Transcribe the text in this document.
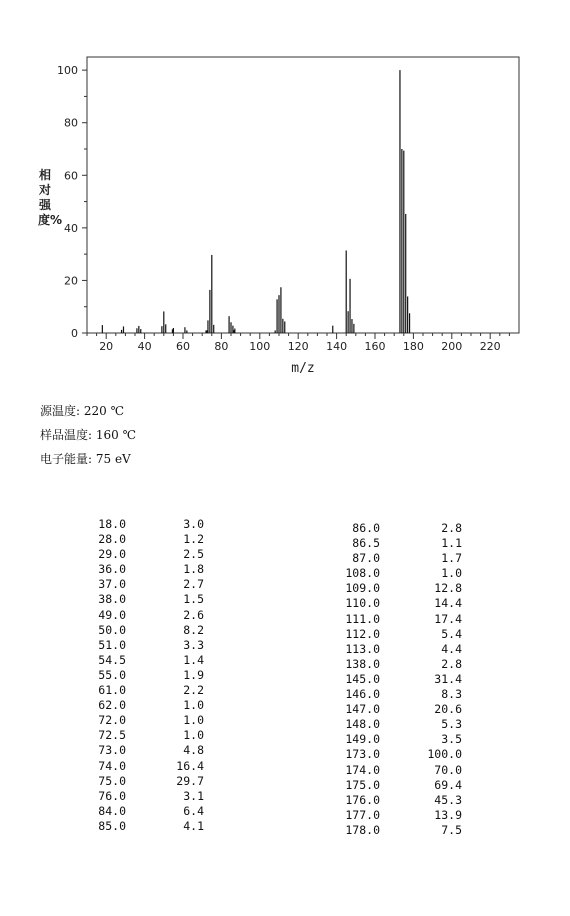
0
20
40
60
80
100
20 40 60 80 100 120 140 160 180 200 220
m/z
相对强度%
源温度: 220 ℃
样品温度: 160 ℃
电子能量: 75 eV
18.0	3.0
28.0	1.2
29.0	2.5
36.0	1.8
37.0	2.7
38.0	1.5
49.0	2.6
50.0	8.2
51.0	3.3
54.5	1.4
55.0	1.9
61.0	2.2
62.0	1.0
72.0	1.0
72.5	1.0
73.0	4.8
74.0	16.4
75.0	29.7
76.0	3.1
84.0	6.4
85.0	4.1
86.0	2.8
86.5	1.1
87.0	1.7
108.0	1.0
109.0	12.8
110.0	14.4
111.0	17.4
112.0	5.4
113.0	4.4
138.0	2.8
145.0	31.4
146.0	8.3
147.0	20.6
148.0	5.3
149.0	3.5
173.0	100.0
174.0	70.0
175.0	69.4
176.0	45.3
177.0	13.9
178.0	7.5
